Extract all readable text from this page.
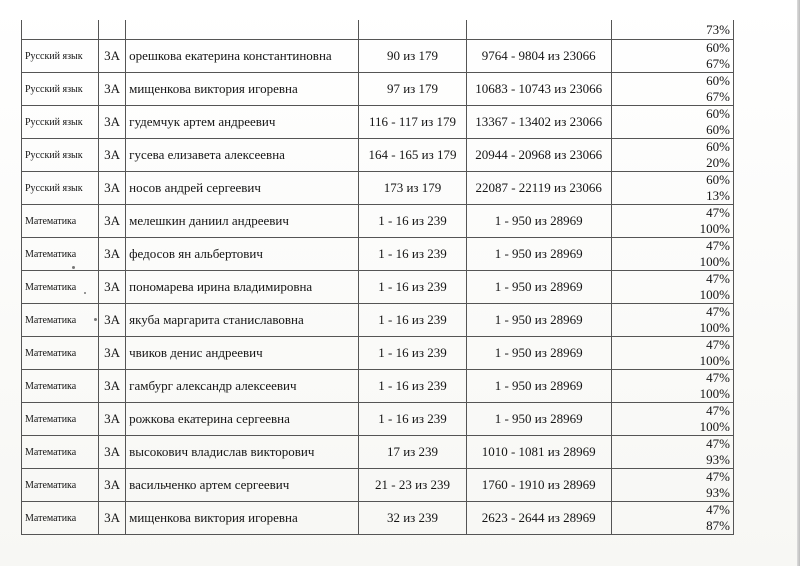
					73%

Русский язык	3А	орешкова екатерина константиновна	90 из 179	9764 - 9804 из 23066	60%
67%

Русский язык	3А	мищенкова виктория игоревна	97 из 179	10683 - 10743 из 23066	60%
67%

Русский язык	3А	гудемчук артем андреевич	116 - 117 из 179	13367 - 13402 из 23066	60%
60%

Русский язык	3А	гусева елизавета алексеевна	164 - 165 из 179	20944 - 20968 из 23066	60%
20%

Русский язык	3А	носов андрей сергеевич	173 из 179	22087 - 22119 из 23066	60%
13%

Математика	3А	мелешкин даниил андреевич	1 - 16 из 239	1 - 950 из 28969	47%
100%

Математика	3А	федосов ян альбертович	1 - 16 из 239	1 - 950 из 28969	47%
100%

Математика	3А	пономарева ирина владимировна	1 - 16 из 239	1 - 950 из 28969	47%
100%

Математика	3А	якуба маргарита станиславовна	1 - 16 из 239	1 - 950 из 28969	47%
100%

Математика	3А	чвиков денис андреевич	1 - 16 из 239	1 - 950 из 28969	47%
100%

Математика	3А	гамбург александр алексеевич	1 - 16 из 239	1 - 950 из 28969	47%
100%

Математика	3А	рожкова екатерина сергеевна	1 - 16 из 239	1 - 950 из 28969	47%
100%

Математика	3А	высокович владислав викторович	17 из 239	1010 - 1081 из 28969	47%
93%

Математика	3А	васильченко артем сергеевич	21 - 23 из 239	1760 - 1910 из 28969	47%
93%

Математика	3А	мищенкова виктория игоревна	32 из 239	2623 - 2644 из 28969	47%
87%
